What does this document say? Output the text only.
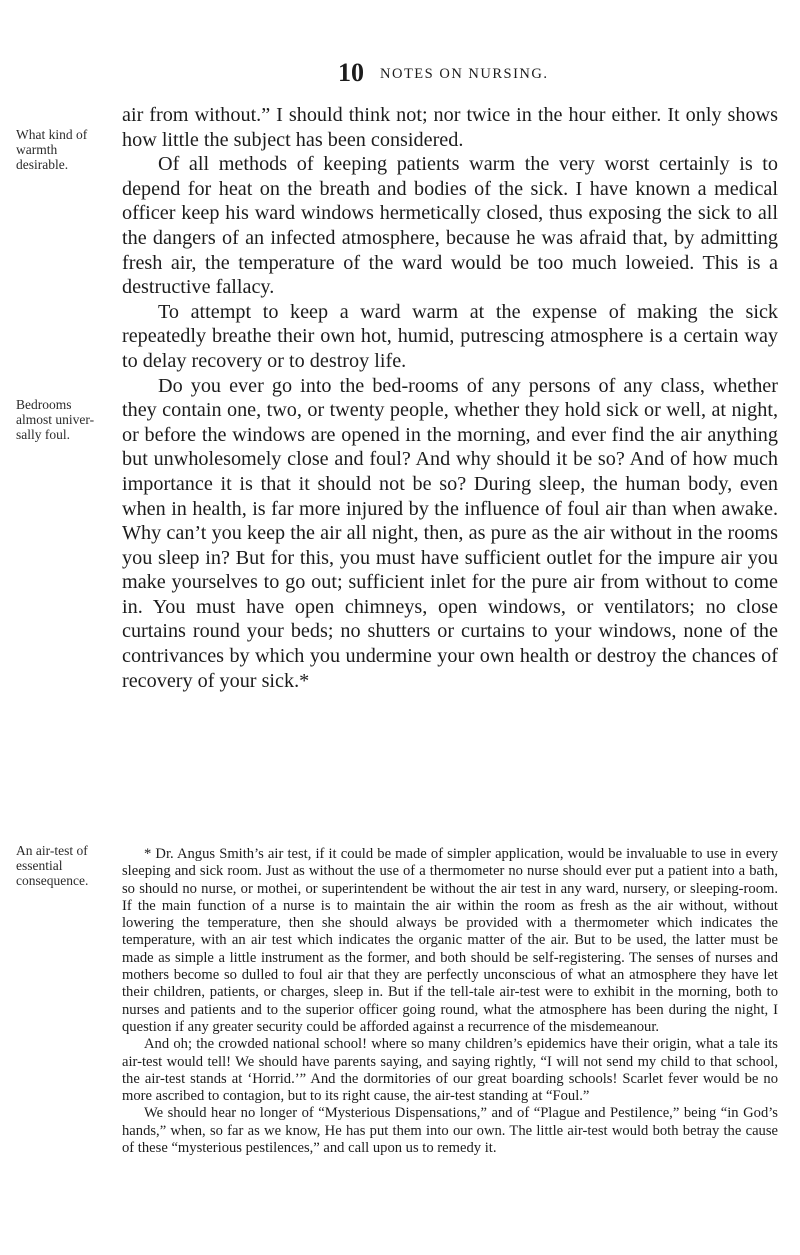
10 NOTES ON NURSING.
What kind of
warmth
desirable.
Bedrooms
almost univer-
sally foul.
An air-test of
essential
consequence.

air from without.” I should think not; nor twice in the hour either. It only shows how little the subject has been considered.

Of all methods of keeping patients warm the very worst certainly is to depend for heat on the breath and bodies of the sick. I have known a medical officer keep his ward windows hermetically closed, thus exposing the sick to all the dangers of an infected atmosphere, because he was afraid that, by admitting fresh air, the temperature of the ward would be too much loweied. This is a destructive fallacy.

To attempt to keep a ward warm at the expense of making the sick repeatedly breathe their own hot, humid, putrescing atmosphere is a certain way to delay recovery or to destroy life.

Do you ever go into the bed-rooms of any persons of any class, whether they contain one, two, or twenty people, whether they hold sick or well, at night, or before the windows are opened in the morning, and ever find the air anything but unwholesomely close and foul? And why should it be so? And of how much importance it is that it should not be so? During sleep, the human body, even when in health, is far more injured by the influence of foul air than when awake. Why can’t you keep the air all night, then, as pure as the air without in the rooms you sleep in? But for this, you must have sufficient outlet for the impure air you make yourselves to go out; sufficient inlet for the pure air from without to come in. You must have open chimneys, open windows, or ventilators; no close curtains round your beds; no shutters or curtains to your windows, none of the contrivances by which you undermine your own health or destroy the chances of recovery of your sick.*

* Dr. Angus Smith’s air test, if it could be made of simpler application, would be invaluable to use in every sleeping and sick room. Just as without the use of a thermometer no nurse should ever put a patient into a bath, so should no nurse, or mothei, or superintendent be without the air test in any ward, nursery, or sleeping-room. If the main function of a nurse is to maintain the air within the room as fresh as the air without, without lowering the temperature, then she should always be provided with a thermometer which indicates the temperature, with an air test which indicates the organic matter of the air. But to be used, the latter must be made as simple a little instrument as the former, and both should be self-registering. The senses of nurses and mothers become so dulled to foul air that they are perfectly unconscious of what an atmosphere they have let their children, patients, or charges, sleep in. But if the tell-tale air-test were to exhibit in the morning, both to nurses and patients and to the superior officer going round, what the atmosphere has been during the night, I question if any greater security could be afforded against a recurrence of the misdemeanour.

And oh; the crowded national school! where so many children’s epidemics have their origin, what a tale its air-test would tell! We should have parents saying, and saying rightly, “I will not send my child to that school, the air-test stands at ‘Horrid.’” And the dormitories of our great boarding schools! Scarlet fever would be no more ascribed to contagion, but to its right cause, the air-test standing at “Foul.”

We should hear no longer of “Mysterious Dispensations,” and of “Plague and Pestilence,” being “in God’s hands,” when, so far as we know, He has put them into our own. The little air-test would both betray the cause of these “mysterious pestilences,” and call upon us to remedy it.
